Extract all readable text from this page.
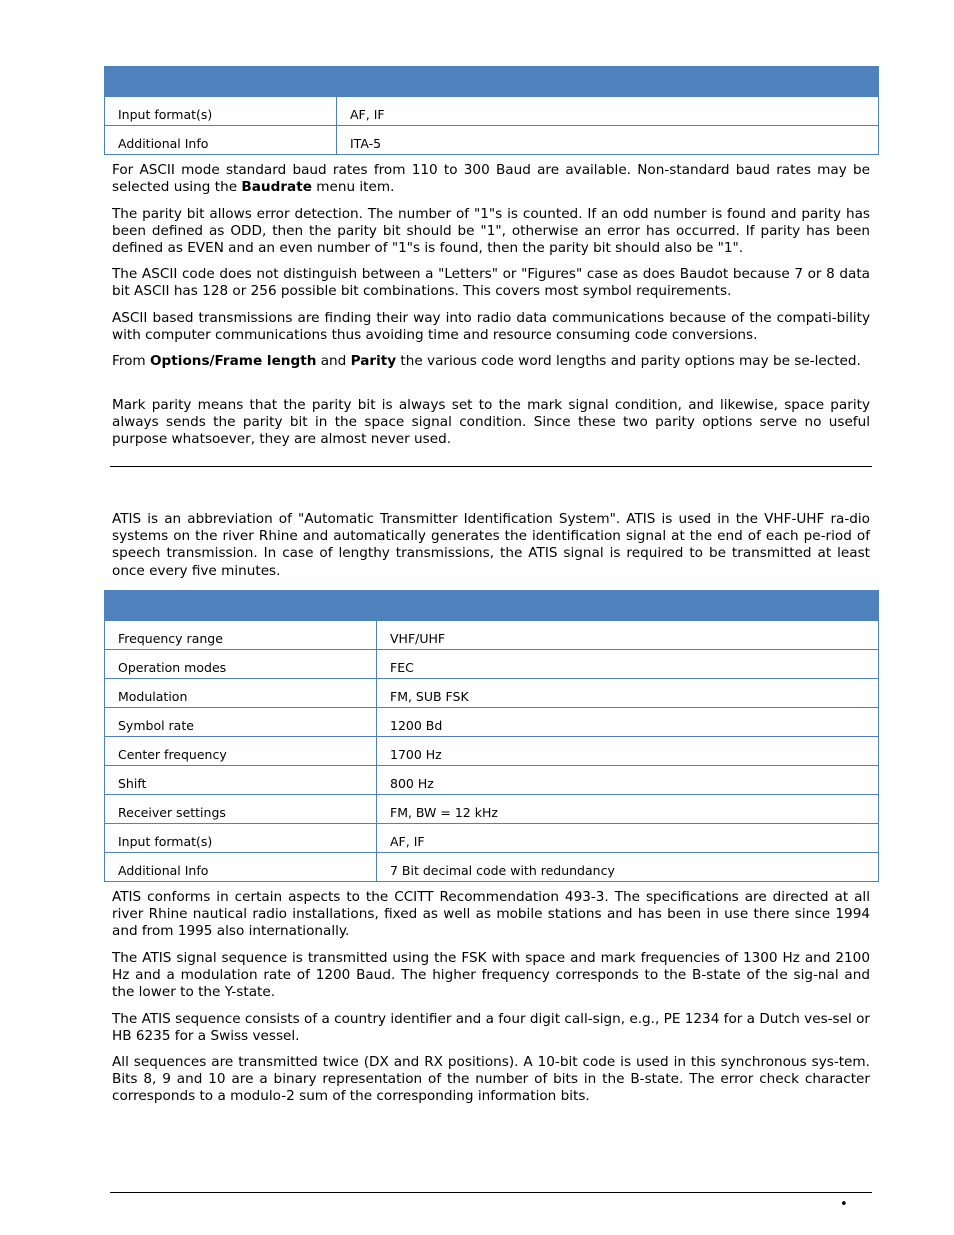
Input format(s)	AF, IF
Additional Info	ITA-5

For ASCII mode standard baud rates from 110 to 300 Baud are available. Non-standard baud rates may be selected using the Baudrate menu item.

The parity bit allows error detection. The number of "1"s is counted. If an odd number is found and parity has been defined as ODD, then the parity bit should be "1", otherwise an error has occurred. If parity has been defined as EVEN and an even number of "1"s is found, then the parity bit should also be "1".

The ASCII code does not distinguish between a "Letters" or "Figures" case as does Baudot because 7 or 8 data bit ASCII has 128 or 256 possible bit combinations. This covers most symbol requirements.

ASCII based transmissions are finding their way into radio data communications because of the compati-bility with computer communications thus avoiding time and resource consuming code conversions.

From Options/Frame length and Parity the various code word lengths and parity options may be se-lected.

Mark parity means that the parity bit is always set to the mark signal condition, and likewise, space parity always sends the parity bit in the space signal condition. Since these two parity options serve no useful purpose whatsoever, they are almost never used.

ATIS is an abbreviation of "Automatic Transmitter Identification System". ATIS is used in the VHF-UHF ra-dio systems on the river Rhine and automatically generates the identification signal at the end of each pe-riod of speech transmission. In case of lengthy transmissions, the ATIS signal is required to be transmitted at least once every five minutes.

Frequency range	VHF/UHF
Operation modes	FEC
Modulation	FM, SUB FSK
Symbol rate	1200 Bd
Center frequency	1700 Hz
Shift	800 Hz
Receiver settings	FM, BW = 12 kHz
Input format(s)	AF, IF
Additional Info	7 Bit decimal code with redundancy

ATIS conforms in certain aspects to the CCITT Recommendation 493-3. The specifications are directed at all river Rhine nautical radio installations, fixed as well as mobile stations and has been in use there since 1994 and from 1995 also internationally.

The ATIS signal sequence is transmitted using the FSK with space and mark frequencies of 1300 Hz and 2100 Hz and a modulation rate of 1200 Baud. The higher frequency corresponds to the B-state of the sig-nal and the lower to the Y-state.

The ATIS sequence consists of a country identifier and a four digit call-sign, e.g., PE 1234 for a Dutch ves-sel or HB 6235 for a Swiss vessel.

All sequences are transmitted twice (DX and RX positions). A 10-bit code is used in this synchronous sys-tem. Bits 8, 9 and 10 are a binary representation of the number of bits in the B-state. The error check character corresponds to a modulo-2 sum of the corresponding information bits.

•
